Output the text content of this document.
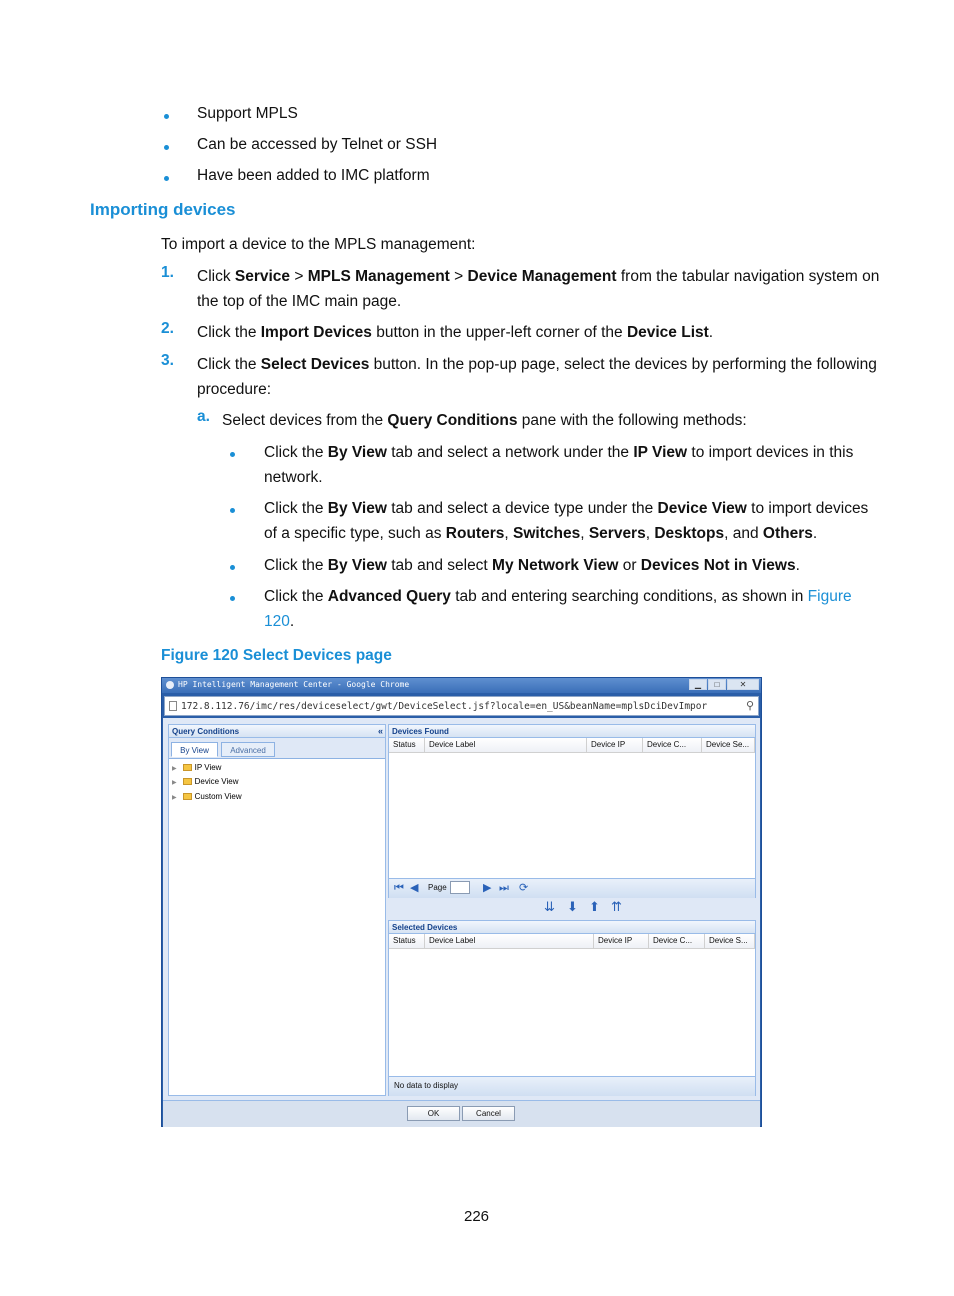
Support MPLS
Can be accessed by Telnet or SSH
Have been added to IMC platform
Importing devices
To import a device to the MPLS management:
1. Click Service > MPLS Management > Device Management from the tabular navigation system on
the top of the IMC main page.
2. Click the Import Devices button in the upper-left corner of the Device List.
3. Click the Select Devices button. In the pop-up page, select the devices by performing the following
procedure:
a. Select devices from the Query Conditions pane with the following methods:
Click the By View tab and select a network under the IP View to import devices in this
network.
Click the By View tab and select a device type under the Device View to import devices
of a specific type, such as Routers, Switches, Servers, Desktops, and Others.
Click the By View tab and select My Network View or Devices Not in Views.
Click the Advanced Query tab and entering searching conditions, as shown in Figure
120.
Figure 120 Select Devices page
HP Intelligent Management Center - Google Chrome	▁	□	✕
172.8.112.76/imc/res/deviceselect/gwt/DeviceSelect.jsf?locale=en_US&beanName=mplsDciDevImpor	⚲
Query Conditions	«
By View	Advanced
▶ IP View
▶ Device View
▶ Custom View
Devices Found
Status	Device Label	Device IP	Device C...	Device Se...
⏮ ◀ Page	▶ ⏭ ⟳
⇊ ⬇ ⬆ ⇈
Selected Devices
Status	Device Label	Device IP	Device C...	Device S...
No data to display
OK	Cancel
226
